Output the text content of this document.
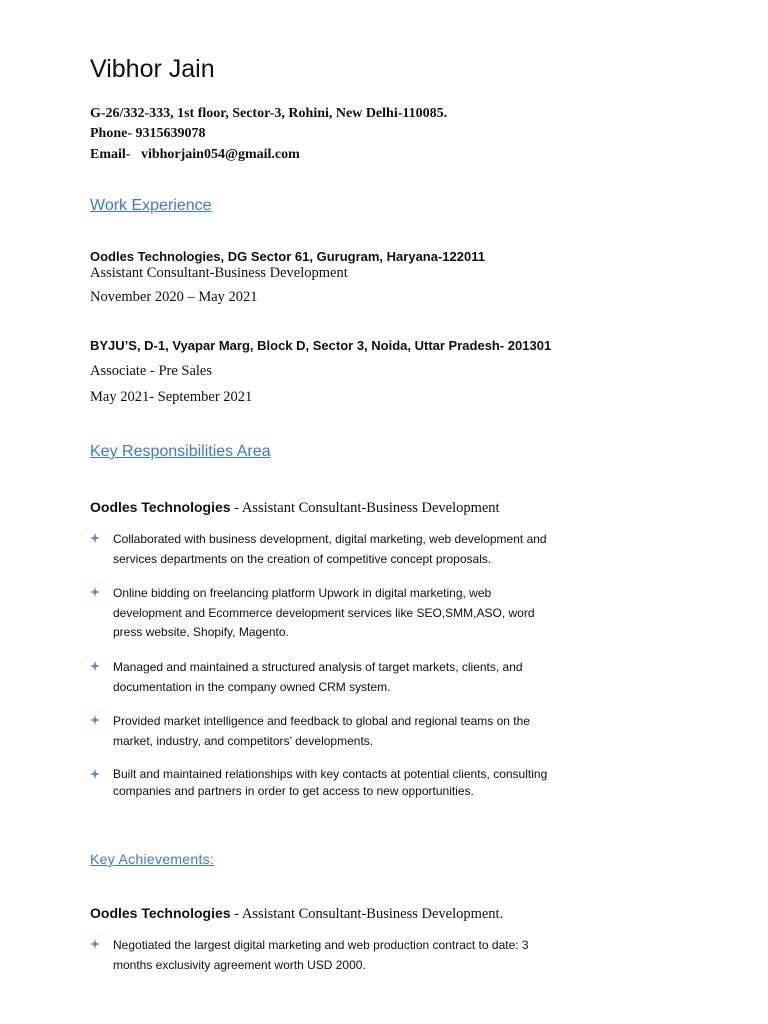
Vibhor Jain
G-26/332-333, 1st floor, Sector-3, Rohini, New Delhi-110085.
Phone- 9315639078
Email-   vibhorjain054@gmail.com
Work Experience
Oodles Technologies, DG Sector 61, Gurugram, Haryana-122011
Assistant Consultant-Business Development
November 2020 – May 2021
BYJU’S, D-1, Vyapar Marg, Block D, Sector 3, Noida, Uttar Pradesh- 201301
Associate - Pre Sales
May 2021- September 2021
Key Responsibilities Area
Oodles Technologies - Assistant Consultant-Business Development
Collaborated with business development, digital marketing, web development and services departments on the creation of competitive concept proposals.
Online bidding on freelancing platform Upwork in digital marketing, web development and Ecommerce development services like SEO,SMM,ASO, word press website, Shopify, Magento.
Managed and maintained a structured analysis of target markets, clients, and documentation in the company owned CRM system.
Provided market intelligence and feedback to global and regional teams on the market, industry, and competitors’ developments.
Built and maintained relationships with key contacts at potential clients, consulting companies and partners in order to get access to new opportunities.
Key Achievements:
Oodles Technologies - Assistant Consultant-Business Development.
Negotiated the largest digital marketing and web production contract to date: 3 months exclusivity agreement worth USD 2000.
